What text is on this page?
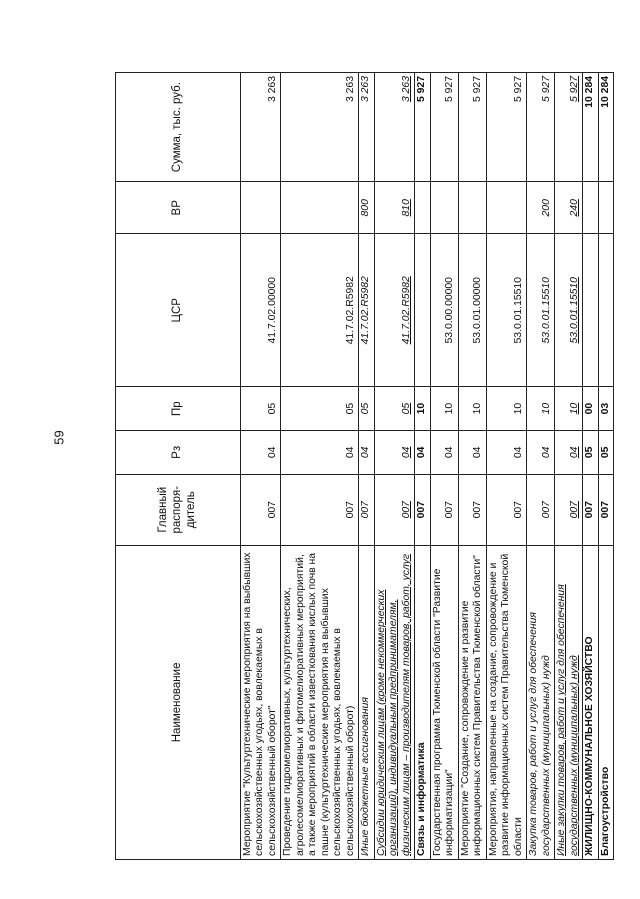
59
Наименование	Главный распоря-дитель	Рз	Пр	ЦСР	ВР	Сумма, тыс. руб.
Мероприятие "Культуртехнические мероприятия на выбывших сельскохозяйственных угодьях, вовлекаемых в сельскохозяйственный оборот"	007	04	05	41.7.02.00000		3 263
Проведение гидромелиоративных, культуртехнических, агролесомелиоративных и фитомелиоративных мероприятий, а также мероприятий в области известкования кислых почв на пашне (культуртехнические мероприятия на выбывших сельскохозяйственных угодьях, вовлекаемых в сельскохозяйственный оборот)	007	04	05	41.7.02.R5982		3 263
Иные бюджетные ассигнования	007	04	05	41.7.02.R5982	800	3 263
Субсидии юридическим лицам (кроме некоммерческих организаций), индивидуальным предпринимателям, физическим лицам – производителям товаров, работ, услуг	007	04	05	41.7.02.R5982	810	3 263
Связь и информатика	007	04	10			5 927
Государственная программа Тюменской области "Развитие информатизации"	007	04	10	53.0.00.00000		5 927
Мероприятие "Создание, сопровождение и развитие информационных систем Правительства Тюменской области"	007	04	10	53.0.01.00000		5 927
Мероприятия, направленные на создание, сопровождение и развитие информационных систем Правительства Тюменской области	007	04	10	53.0.01.15510		5 927
Закупка товаров, работ и услуг для обеспечения государственных (муниципальных) нужд	007	04	10	53.0.01.15510	200	5 927
Иные закупки товаров, работ и услуг для обеспечения государственных (муниципальных) нужд	007	04	10	53.0.01.15510	240	5 927
ЖИЛИЩНО-КОММУНАЛЬНОЕ ХОЗЯЙСТВО	007	05	00			10 284
Благоустройство	007	05	03			10 284
